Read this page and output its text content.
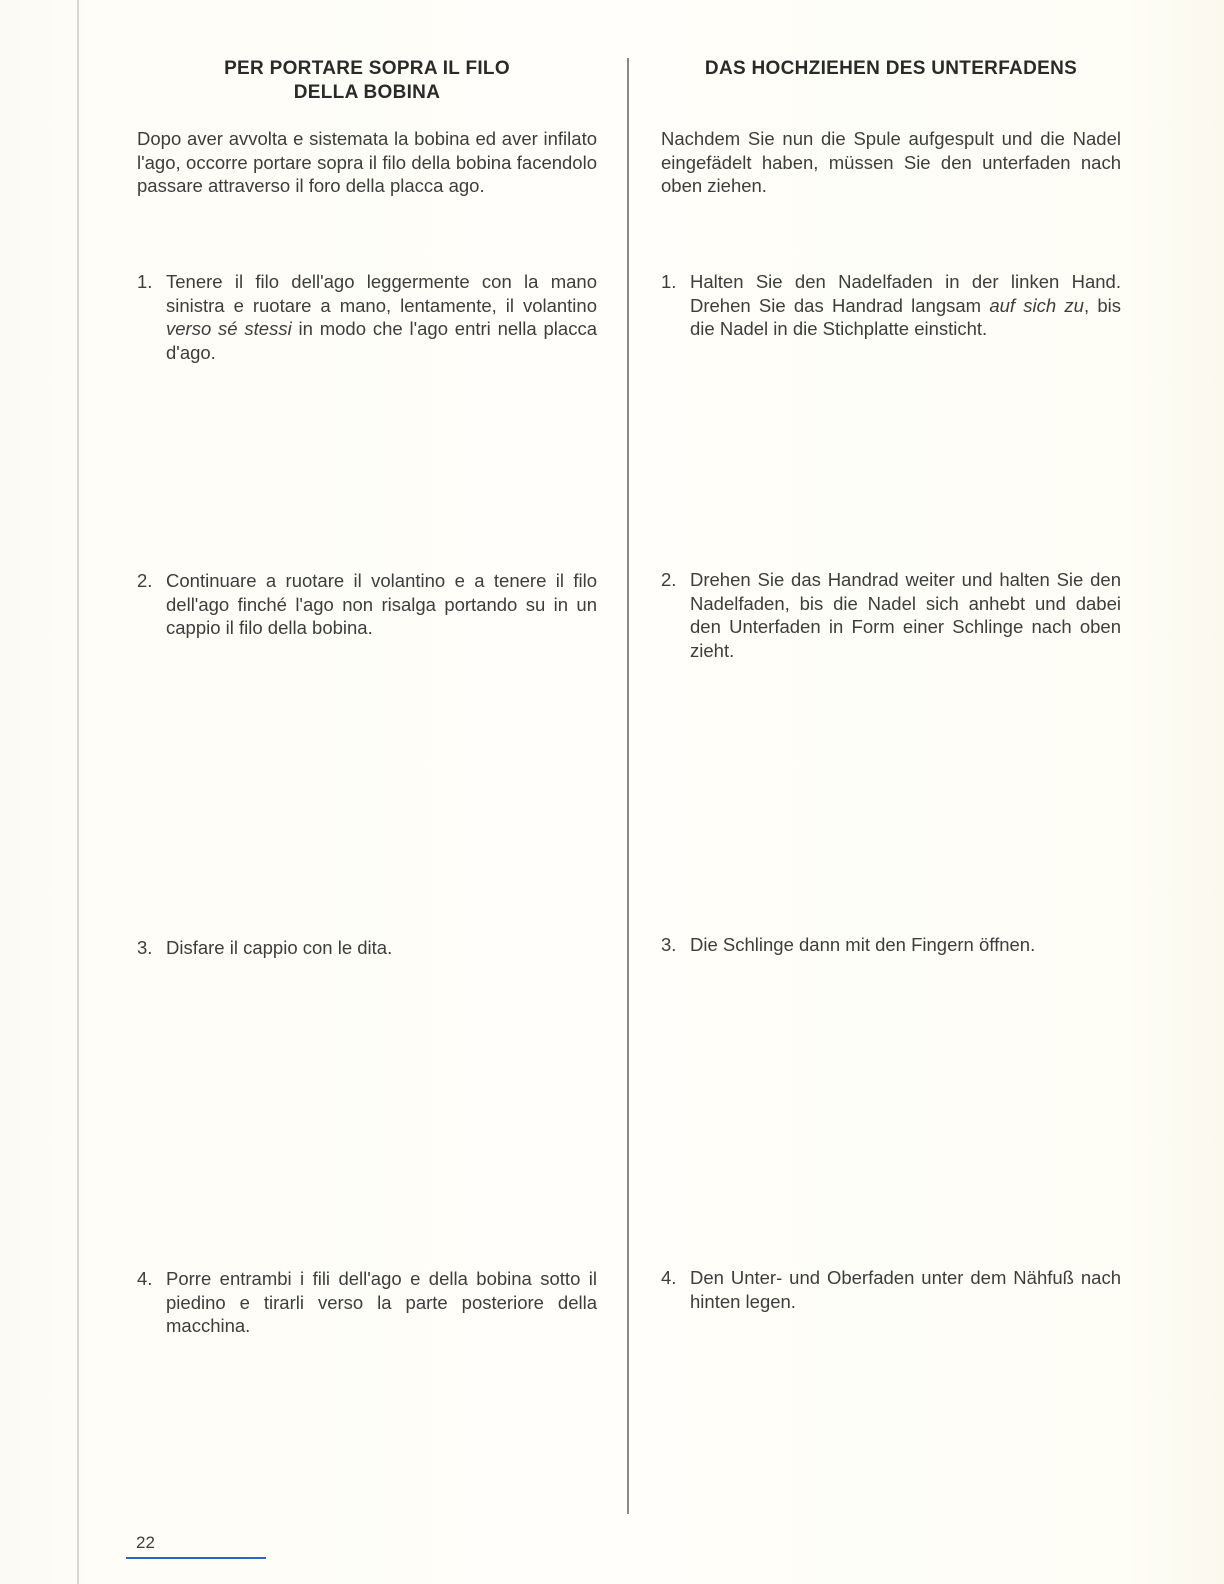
PER PORTARE SOPRA IL FILO
DELLA BOBINA
Dopo aver avvolta e sistemata la bobina ed aver infilato l'ago, occorre portare sopra il filo della bobina facendolo passare attraverso il foro della placca ago.
1. Tenere il filo dell'ago leggermente con la mano sinistra e ruotare a mano, lentamente, il volantino verso sé stessi in modo che l'ago entri nella placca d'ago.
2. Continuare a ruotare il volantino e a tenere il filo dell'ago finché l'ago non risalga portando su in un cappio il filo della bobina.
3. Disfare il cappio con le dita.
4. Porre entrambi i fili dell'ago e della bobina sotto il piedino e tirarli verso la parte posteriore della macchina.
DAS HOCHZIEHEN DES UNTERFADENS
Nachdem Sie nun die Spule aufgespult und die Nadel eingefädelt haben, müssen Sie den unterfaden nach oben ziehen.
1. Halten Sie den Nadelfaden in der linken Hand. Drehen Sie das Handrad langsam auf sich zu, bis die Nadel in die Stichplatte einsticht.
2. Drehen Sie das Handrad weiter und halten Sie den Nadelfaden, bis die Nadel sich anhebt und dabei den Unterfaden in Form einer Schlinge nach oben zieht.
3. Die Schlinge dann mit den Fingern öffnen.
4. Den Unter- und Oberfaden unter dem Nähfuß nach hinten legen.
22
